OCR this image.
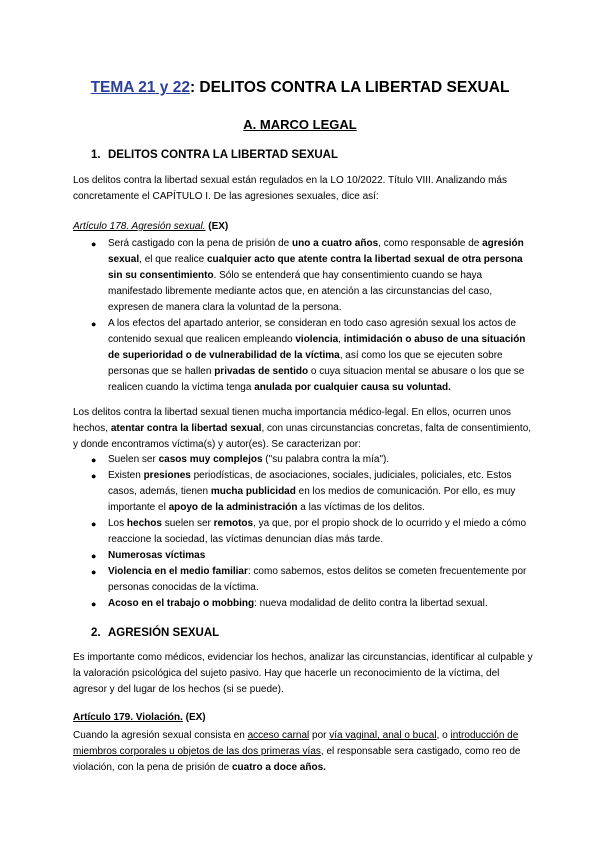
TEMA 21 y 22: DELITOS CONTRA LA LIBERTAD SEXUAL
A. MARCO LEGAL
1. DELITOS CONTRA LA LIBERTAD SEXUAL
Los delitos contra la libertad sexual están regulados en la LO 10/2022. Título VIII. Analizando más concretamente el CAPÍTULO I. De las agresiones sexuales, dice así:
Artículo 178. Agresión sexual. (EX)
● Será castigado con la pena de prisión de uno a cuatro años, como responsable de agresión sexual, el que realice cualquier acto que atente contra la libertad sexual de otra persona sin su consentimiento. Sólo se entenderá que hay consentimiento cuando se haya manifestado libremente mediante actos que, en atención a las circunstancias del caso, expresen de manera clara la voluntad de la persona.
● A los efectos del apartado anterior, se consideran en todo caso agresión sexual los actos de contenido sexual que realicen empleando violencia, intimidación o abuso de una situación de superioridad o de vulnerabilidad de la víctima, así como los que se ejecuten sobre personas que se hallen privadas de sentido o cuya situacion mental se abusare o los que se realicen cuando la víctima tenga anulada por cualquier causa su voluntad.
Los delitos contra la libertad sexual tienen mucha importancia médico-legal. En ellos, ocurren unos hechos, atentar contra la libertad sexual, con unas circunstancias concretas, falta de consentimiento, y donde encontramos víctima(s) y autor(es). Se caracterizan por:
● Suelen ser casos muy complejos ("su palabra contra la mía").
● Existen presiones periodísticas, de asociaciones, sociales, judiciales, policiales, etc. Estos casos, además, tienen mucha publicidad en los medios de comunicación. Por ello, es muy importante el apoyo de la administración a las víctimas de los delitos.
● Los hechos suelen ser remotos, ya que, por el propio shock de lo ocurrido y el miedo a cómo reaccione la sociedad, las víctimas denuncian días más tarde.
● Numerosas víctimas
● Violencia en el medio familiar: como sabemos, estos delitos se cometen frecuentemente por personas conocidas de la víctima.
● Acoso en el trabajo o mobbing: nueva modalidad de delito contra la libertad sexual.
2. AGRESIÓN SEXUAL
Es importante como médicos, evidenciar los hechos, analizar las circunstancias, identificar al culpable y la valoración psicológica del sujeto pasivo. Hay que hacerle un reconocimiento de la víctima, del agresor y del lugar de los hechos (si se puede).
Artículo 179. Violación. (EX)
Cuando la agresión sexual consista en acceso carnal por vía vaginal, anal o bucal, o introducción de miembros corporales u objetos de las dos primeras vías, el responsable sera castigado, como reo de violación, con la pena de prisión de cuatro a doce años.
